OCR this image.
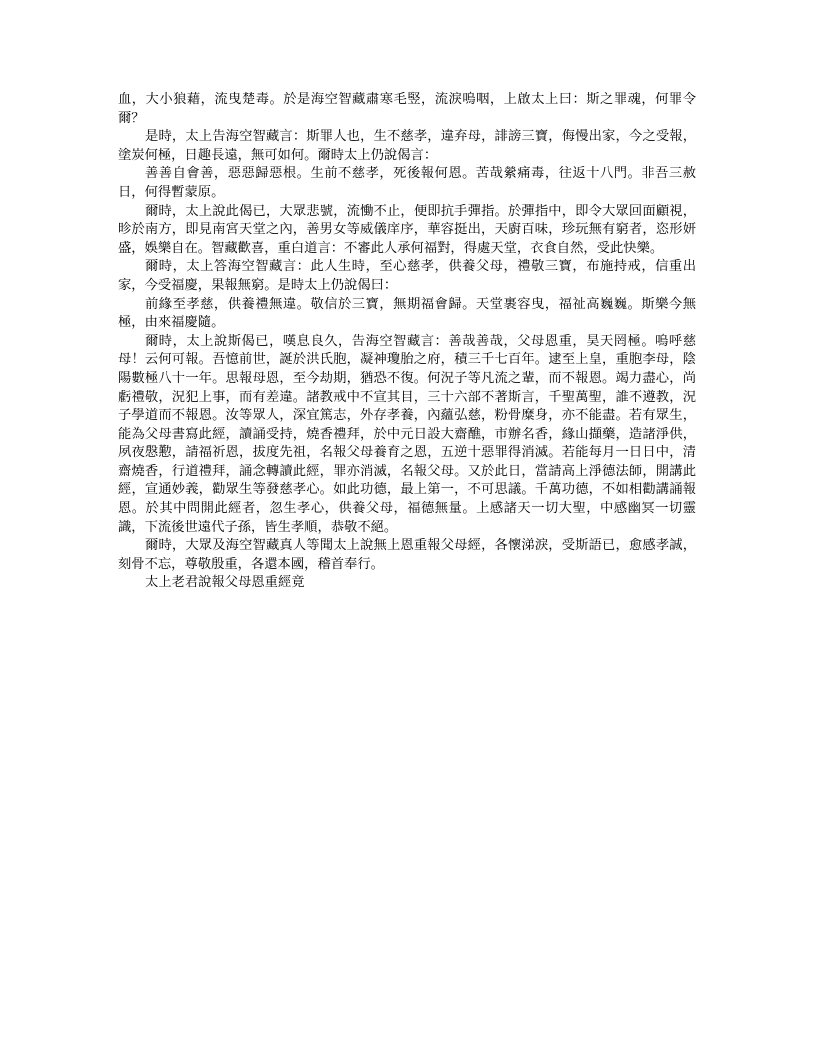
血，大小狼藉，流曳楚毒。於是海空智藏肅寒毛竪，流淚嗚咽，上啟太上曰：斯之罪魂，何罪令爾？

是時，太上告海空智藏言：斯罪人也，生不慈孝，違弃母，誹謗三寶，侮慢出家，今之受報，塗炭何極，日趣長遠，無可如何。爾時太上仍說偈言：

善善自會善，惡惡歸惡根。生前不慈孝，死後報何恩。苦哉縈痛毒，往返十八門。非吾三赦日，何得暫蒙原。

爾時，太上說此偈已，大眾悲號，流慟不止，便即抗手彈指。於彈指中，即令大眾回面顧視，昣於南方，即見南宮天堂之內，善男女等威儀庠序，華容挺出，天廚百味，珍玩無有窮者，恣形妍盛，娛樂自在。智藏歡喜，重白道言：不審此人承何福對，得處天堂，衣食自然，受此快樂。

爾時，太上答海空智藏言：此人生時，至心慈孝，供養父母，禮敬三寶，布施持戒，信重出家，今受福慶，果報無窮。是時太上仍說偈曰：

前緣至孝慈，供養禮無違。敬信於三寶，無期福會歸。天堂裹容曳，福祉高巍巍。斯樂今無極，由來福慶隨。

爾時，太上說斯偈已，嘆息良久，告海空智藏言：善哉善哉，父母恩重，昊天罔極。嗚呼慈母！云何可報。吾憶前世，誕於洪氏胞，凝神瓊胎之府，積三千七百年。逮至上皇，重胞李母，陰陽數極八十一年。思報母恩，至今劫期，猶恐不復。何況子等凡流之輩，而不報恩。竭力盡心，尚虧禮敬，況犯上事，而有差違。諸教戒中不宣其目，三十六部不著斯言，千聖萬聖，誰不遵教，況子學道而不報恩。汝等眾人，深宜篤志，外存孝養，內蘊弘慈，粉骨糜身，亦不能盡。若有眾生，能為父母書寫此經，讀誦受持，燒香禮拜，於中元日設大齋醮，市辦名香，緣山擷藥，造諸淨供，夙夜慇懃，請福祈恩，拔度先祖，名報父母養育之恩，五逆十惡罪得消滅。若能每月一日日中，清齋燒香，行道禮拜，誦念轉讀此經，罪亦消滅，名報父母。又於此日，當請高上淨德法師，開講此經，宣通妙義，勸眾生等發慈孝心。如此功德，最上第一，不可思議。千萬功德，不如相勸講誦報恩。於其中問開此經者，忽生孝心，供養父母，福德無量。上感諸天一切大聖，中感幽冥一切靈識，下流後世遠代子孫，皆生孝順，恭敬不絕。

爾時，大眾及海空智藏真人等聞太上說無上恩重報父母經，各懷涕淚，受斯語已，愈感孝誠，刻骨不忘，尊敬殷重，各還本國，稽首奉行。

太上老君說報父母恩重經竟
